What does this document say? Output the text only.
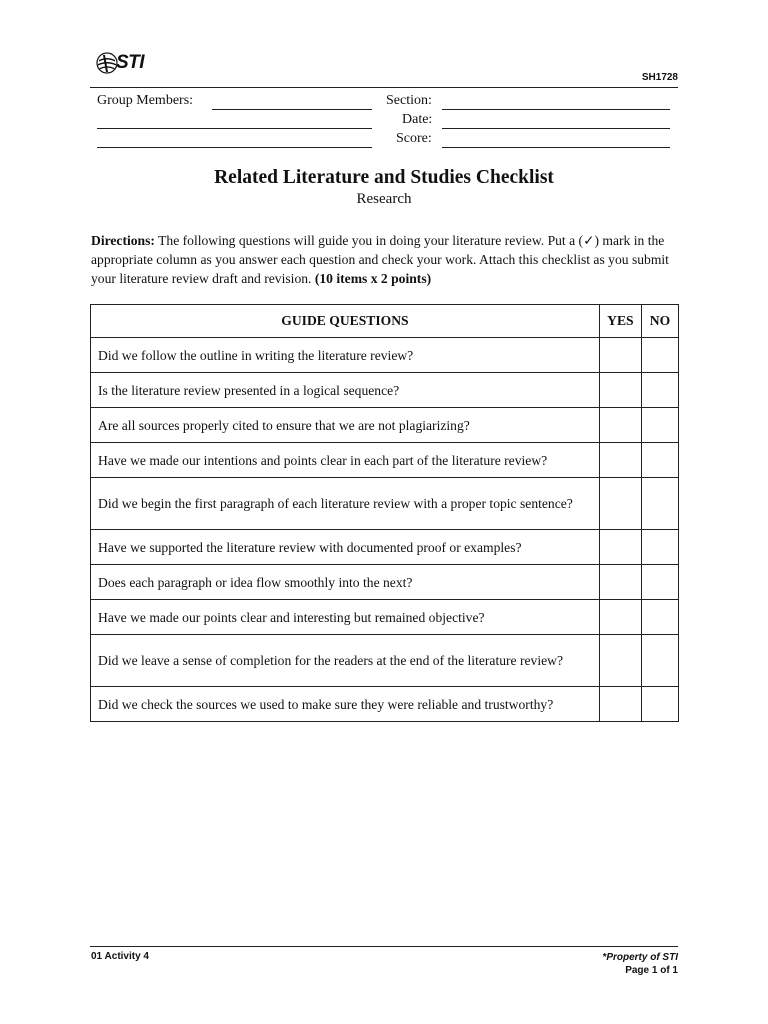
STI
SH1728
Group Members:	Section:
Date:
Score:
Related Literature and Studies Checklist
Research
Directions: The following questions will guide you in doing your literature review. Put a (✓) mark in the appropriate column as you answer each question and check your work. Attach this checklist as you submit your literature review draft and revision. (10 items x 2 points)
GUIDE QUESTIONS	YES	NO
Did we follow the outline in writing the literature review?		
Is the literature review presented in a logical sequence?		
Are all sources properly cited to ensure that we are not plagiarizing?		
Have we made our intentions and points clear in each part of the literature review?		
Did we begin the first paragraph of each literature review with a proper topic sentence?		
Have we supported the literature review with documented proof or examples?		
Does each paragraph or idea flow smoothly into the next?		
Have we made our points clear and interesting but remained objective?		
Did we leave a sense of completion for the readers at the end of the literature review?		
Did we check the sources we used to make sure they were reliable and trustworthy?		
01 Activity 4	*Property of STI
Page 1 of 1
